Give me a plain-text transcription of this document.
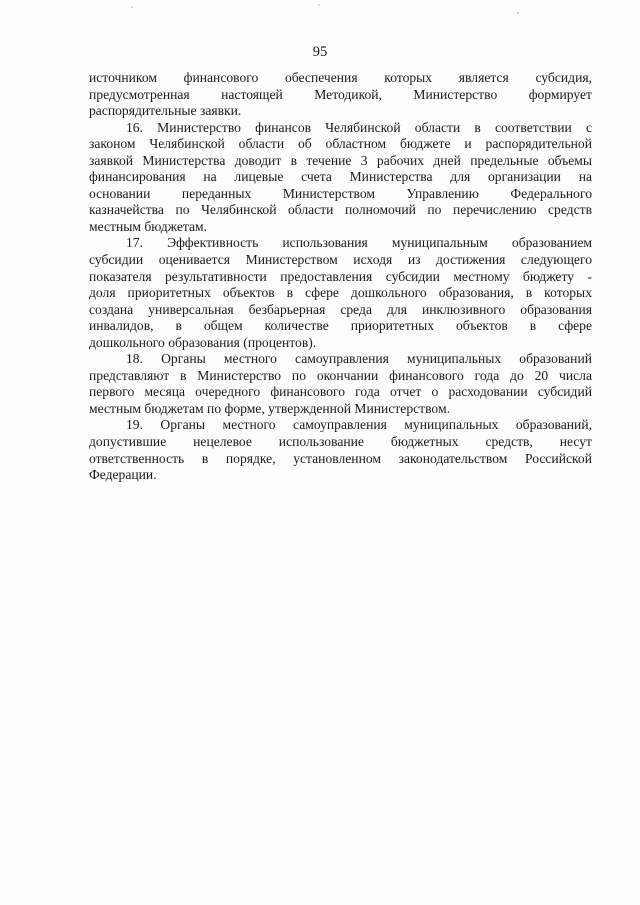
95

источником финансового обеспечения которых является субсидия,
предусмотренная настоящей Методикой, Министерство формирует
распорядительные заявки.

16. Министерство финансов Челябинской области в соответствии с
законом Челябинской области об областном бюджете и распорядительной
заявкой Министерства доводит в течение 3 рабочих дней предельные объемы
финансирования на лицевые счета Министерства для организации на
основании переданных Министерством Управлению Федерального
казначейства по Челябинской области полномочий по перечислению средств
местным бюджетам.

17. Эффективность использования муниципальным образованием
субсидии оценивается Министерством исходя из достижения следующего
показателя результативности предоставления субсидии местному бюджету -
доля приоритетных объектов в сфере дошкольного образования, в которых
создана универсальная безбарьерная среда для инклюзивного образования
инвалидов, в общем количестве приоритетных объектов в сфере
дошкольного образования (процентов).

18. Органы местного самоуправления муниципальных образований
представляют в Министерство по окончании финансового года до 20 числа
первого месяца очередного финансового года отчет о расходовании субсидий
местным бюджетам по форме, утвержденной Министерством.

19. Органы местного самоуправления муниципальных образований,
допустившие нецелевое использование бюджетных средств, несут
ответственность в порядке, установленном законодательством Российской
Федерации.
